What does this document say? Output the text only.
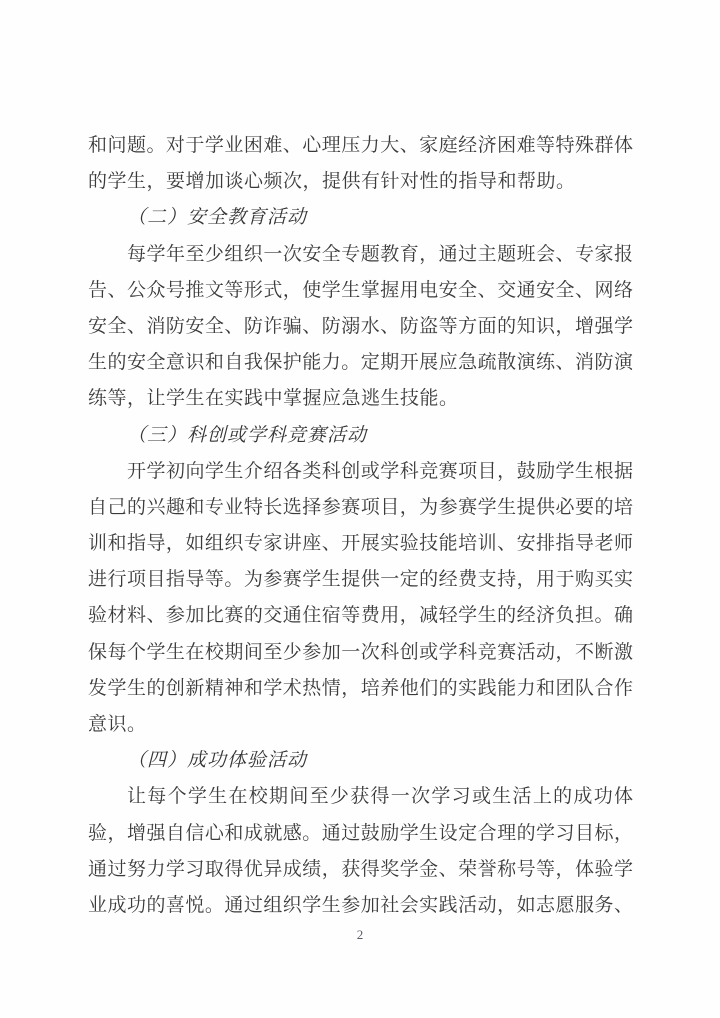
和问题。对于学业困难、心理压力大、家庭经济困难等特殊群体
的学生，要增加谈心频次，提供有针对性的指导和帮助。
（二）安全教育活动
每学年至少组织一次安全专题教育，通过主题班会、专家报
告、公众号推文等形式，使学生掌握用电安全、交通安全、网络
安全、消防安全、防诈骗、防溺水、防盗等方面的知识，增强学
生的安全意识和自我保护能力。定期开展应急疏散演练、消防演
练等，让学生在实践中掌握应急逃生技能。
（三）科创或学科竞赛活动
开学初向学生介绍各类科创或学科竞赛项目，鼓励学生根据
自己的兴趣和专业特长选择参赛项目，为参赛学生提供必要的培
训和指导，如组织专家讲座、开展实验技能培训、安排指导老师
进行项目指导等。为参赛学生提供一定的经费支持，用于购买实
验材料、参加比赛的交通住宿等费用，减轻学生的经济负担。确
保每个学生在校期间至少参加一次科创或学科竞赛活动，不断激
发学生的创新精神和学术热情，培养他们的实践能力和团队合作
意识。
（四）成功体验活动
让每个学生在校期间至少获得一次学习或生活上的成功体
验，增强自信心和成就感。通过鼓励学生设定合理的学习目标，
通过努力学习取得优异成绩，获得奖学金、荣誉称号等，体验学
业成功的喜悦。通过组织学生参加社会实践活动，如志愿服务、
2
